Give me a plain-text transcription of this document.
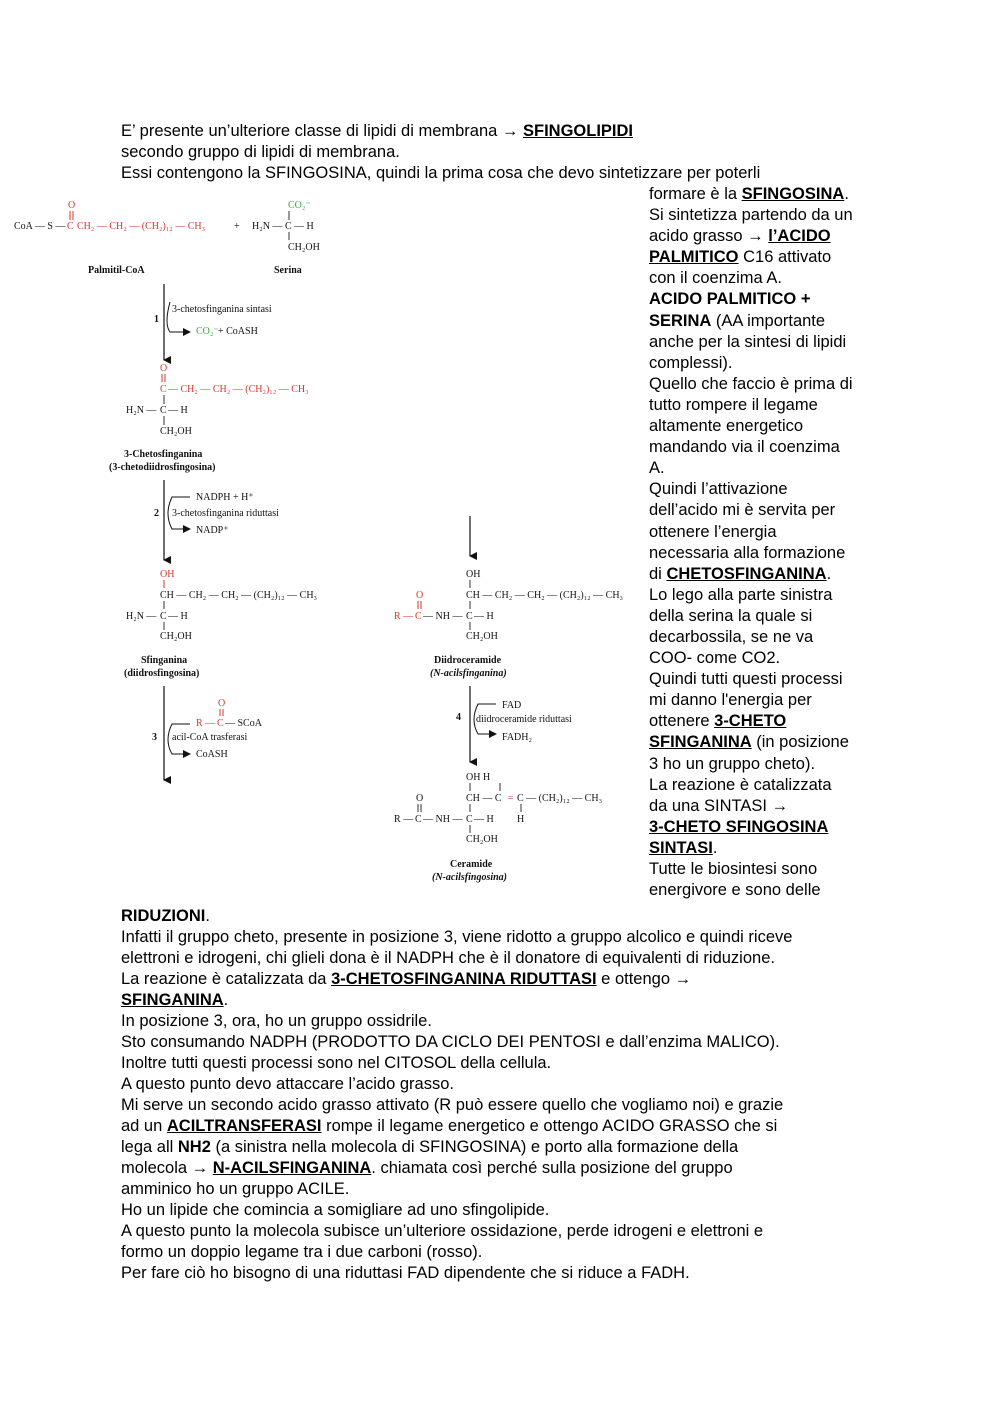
E’ presente un’ulteriore classe di lipidi di membrana → SFINGOLIPIDI
secondo gruppo di lipidi di membrana.
Essi contengono la SFINGOSINA, quindi la prima cosa che devo sintetizzare per poterli
formare è la SFINGOSINA.
Si sintetizza partendo da un
acido grasso → l’ACIDO
PALMITICO C16 attivato
con il coenzima A.
ACIDO PALMITICO +
SERINA (AA importante
anche per la sintesi di lipidi
complessi).
Quello che faccio è prima di
tutto rompere il legame
altamente energetico
mandando via il coenzima
A.
Quindi l’attivazione
dell’acido mi è servita per
ottenere l’energia
necessaria alla formazione
di CHETOSFINGANINA.
Lo lego alla parte sinistra
della serina la quale si
decarbossila, se ne va
COO- come CO2.
Quindi tutti questi processi
mi danno l'energia per
ottenere 3-CHETO
SFINGANINA (in posizione
3 ho un gruppo cheto).
La reazione è catalizzata
da una SINTASI →
3-CHETO SFINGOSINA
SINTASI.
Tutte le biosintesi sono
energivore e sono delle
CoA — S —
O
C CH₂ — CH₂ — (CH₂)₁₂ — CH₃	+ H₂N — C — H
CO₂⁻
CH₂OH
Palmitil-CoA	Serina
1
3-chetosfinganina sintasi
CO₂⁻ + CoASH
O
C — CH₂ — CH₂ — (CH₂)₁₂ — CH₃
H₂N — C — H
CH₂OH
3-Chetosfinganina
(3-chetodiidrosfingosina)
2
NADPH + H⁺
3-chetosfinganina riduttasi
NADP⁺
OH
CH — CH₂ — CH₂ — (CH₂)₁₂ — CH₃
H₂N — C — H
CH₂OH
Sfinganina
(diidrosfingosina)
3
O
R — C — SCoA
acil-CoA trasferasi
CoASH
OH
CH — CH₂ — CH₂ — (CH₂)₁₂ — CH₃
O
R — C — NH — C — H
CH₂OH
Diidroceramide
(N-acilsfinganina)
4
FAD
diidroceramide riduttasi
FADH₂
OH H
CH — C = C — (CH₂)₁₂ — CH₃
H
O
R — C — NH — C — H
CH₂OH
Ceramide
(N-acilsfingosina)
RIDUZIONI.
Infatti il gruppo cheto, presente in posizione 3, viene ridotto a gruppo alcolico e quindi riceve
elettroni e idrogeni, chi glieli dona è il NADPH che è il donatore di equivalenti di riduzione.
La reazione è catalizzata da 3-CHETOSFINGANINA RIDUTTASI e ottengo →
SFINGANINA.
In posizione 3, ora, ho un gruppo ossidrile.
Sto consumando NADPH (PRODOTTO DA CICLO DEI PENTOSI e dall’enzima MALICO).
Inoltre tutti questi processi sono nel CITOSOL della cellula.
A questo punto devo attaccare l’acido grasso.
Mi serve un secondo acido grasso attivato (R può essere quello che vogliamo noi) e grazie
ad un ACILTRANSFERASI rompe il legame energetico e ottengo ACIDO GRASSO che si
lega all NH2 (a sinistra nella molecola di SFINGOSINA) e porto alla formazione della
molecola → N-ACILSFINGANINA. chiamata così perché sulla posizione del gruppo
amminico ho un gruppo ACILE.
Ho un lipide che comincia a somigliare ad uno sfingolipide.
A questo punto la molecola subisce un’ulteriore ossidazione, perde idrogeni e elettroni e
formo un doppio legame tra i due carboni (rosso).
Per fare ciò ho bisogno di una riduttasi FAD dipendente che si riduce a FADH.
